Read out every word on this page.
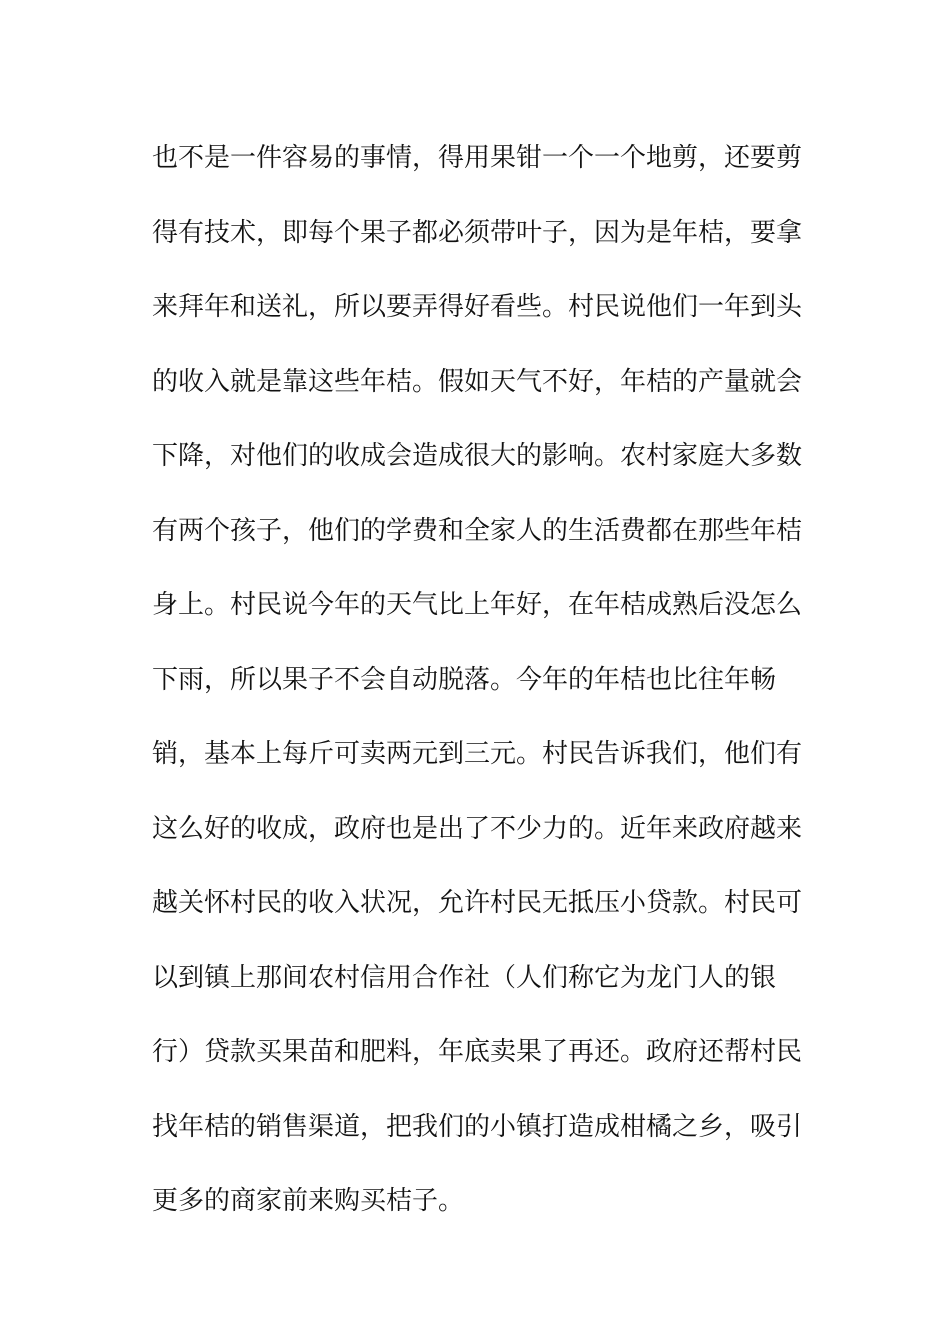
也不是一件容易的事情，得用果钳一个一个地剪，还要剪
得有技术，即每个果子都必须带叶子，因为是年桔，要拿
来拜年和送礼，所以要弄得好看些。村民说他们一年到头
的收入就是靠这些年桔。假如天气不好，年桔的产量就会
下降，对他们的收成会造成很大的影响。农村家庭大多数
有两个孩子，他们的学费和全家人的生活费都在那些年桔
身上。村民说今年的天气比上年好，在年桔成熟后没怎么
下雨，所以果子不会自动脱落。今年的年桔也比往年畅
销，基本上每斤可卖两元到三元。村民告诉我们，他们有
这么好的收成，政府也是出了不少力的。近年来政府越来
越关怀村民的收入状况，允许村民无抵压小贷款。村民可
以到镇上那间农村信用合作社（人们称它为龙门人的银
行）贷款买果苗和肥料，年底卖果了再还。政府还帮村民
找年桔的销售渠道，把我们的小镇打造成柑橘之乡，吸引
更多的商家前来购买桔子。
